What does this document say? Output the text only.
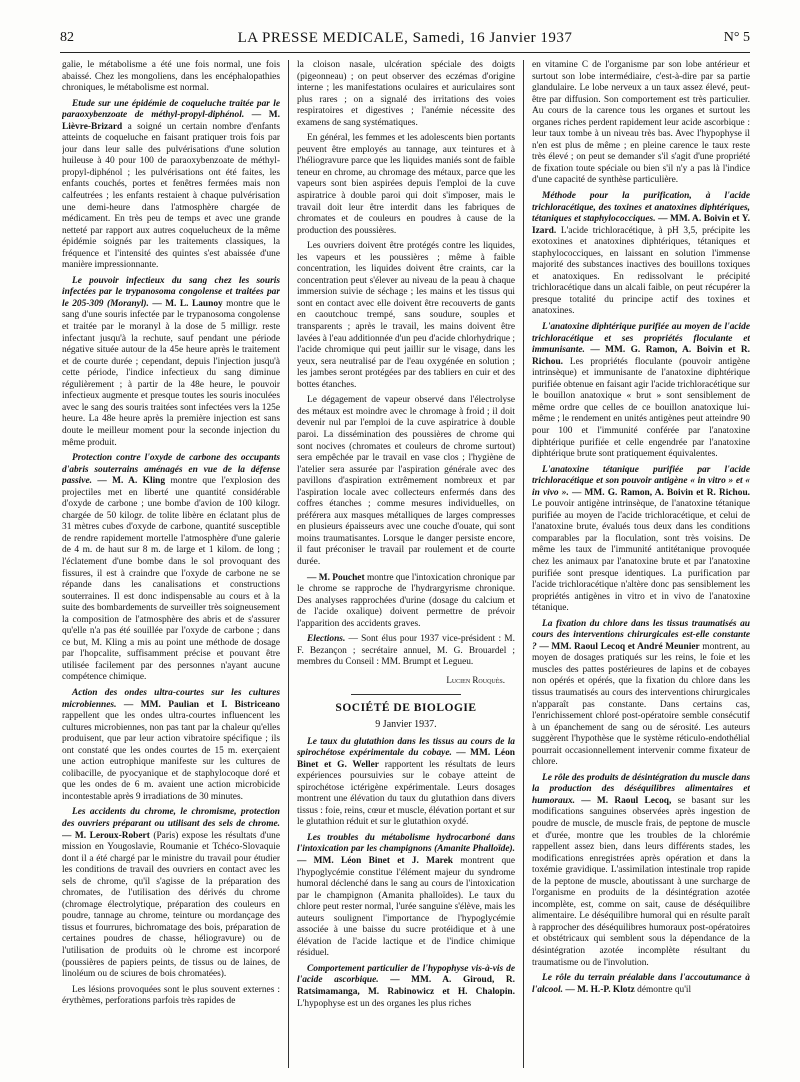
82	LA PRESSE MEDICALE, Samedi, 16 Janvier 1937	N° 5

galie, le métabolisme a été une fois normal, une fois abaissé. Chez les mongoliens, dans les encéphalopathies chroniques, le métabolisme est normal.

Etude sur une épidémie de coqueluche traitée par le paraoxybenzoate de méthyl-propyl-diphénol. — M. Lièvre-Brizard a soigné un certain nombre d'enfants atteints de coqueluche en faisant pratiquer trois fois par jour dans leur salle des pulvérisations d'une solution huileuse à 40 pour 100 de paraoxybenzoate de méthyl-propyl-diphénol ; les pulvérisations ont été faites, les enfants couchés, portes et fenêtres fermées mais non calfeutrées ; les enfants restaient à chaque pulvérisation une demi-heure dans l'atmosphère chargée de médicament. En très peu de temps et avec une grande netteté par rapport aux autres coquelucheux de la même épidémie soignés par les traitements classiques, la fréquence et l'intensité des quintes s'est abaissée d'une manière impressionnante.

Le pouvoir infectieux du sang chez les souris infectées par le trypanosoma congolense et traitées par le 205-309 (Moranyl). — M. L. Launoy montre que le sang d'une souris infectée par le trypanosoma congolense et traitée par le moranyl à la dose de 5 milligr. reste infectant jusqu'à la rechute, sauf pendant une période négative située autour de la 45e heure après le traitement et de courte durée ; cependant, depuis l'injection jusqu'à cette période, l'indice infectieux du sang diminue régulièrement ; à partir de la 48e heure, le pouvoir infectieux augmente et presque toutes les souris inoculées avec le sang des souris traitées sont infectées vers la 125e heure. La 48e heure après la première injection est sans doute le meilleur moment pour la seconde injection du même produit.

Protection contre l'oxyde de carbone des occupants d'abris souterrains aménagés en vue de la défense passive. — M. A. Kling montre que l'explosion des projectiles met en liberté une quantité considérable d'oxyde de carbone ; une bombe d'avion de 100 kilogr. chargée de 50 kilogr. de tolite libère en éclatant plus de 31 mètres cubes d'oxyde de carbone, quantité susceptible de rendre rapidement mortelle l'atmosphère d'une galerie de 4 m. de haut sur 8 m. de large et 1 kilom. de long ; l'éclatement d'une bombe dans le sol provoquant des fissures, il est à craindre que l'oxyde de carbone ne se répande dans les canalisations et constructions souterraines. Il est donc indispensable au cours et à la suite des bombardements de surveiller très soigneusement la composition de l'atmosphère des abris et de s'assurer qu'elle n'a pas été souillée par l'oxyde de carbone ; dans ce but, M. Kling a mis au point une méthode de dosage par l'hopcalite, suffisamment précise et pouvant être utilisée facilement par des personnes n'ayant aucune compétence chimique.

Action des ondes ultra-courtes sur les cultures microbiennes. — MM. Paulian et I. Bistriceano rappellent que les ondes ultra-courtes influencent les cultures microbiennes, non pas tant par la chaleur qu'elles produisent, que par leur action vibratoire spécifique ; ils ont constaté que les ondes courtes de 15 m. exerçaient une action eutrophique manifeste sur les cultures de colibacille, de pyocyanique et de staphylocoque doré et que les ondes de 6 m. avaient une action microbicide incontestable après 9 irradiations de 30 minutes.

Les accidents du chrome, le chromisme, protection des ouvriers préparant ou utilisant des sels de chrome. — M. Leroux-Robert (Paris) expose les résultats d'une mission en Yougoslavie, Roumanie et Tchéco-Slovaquie dont il a été chargé par le ministre du travail pour étudier les conditions de travail des ouvriers en contact avec les sels de chrome, qu'il s'agisse de la préparation des chromates, de l'utilisation des dérivés du chrome (chromage électrolytique, préparation des couleurs en poudre, tannage au chrome, teinture ou mordançage des tissus et fourrures, bichromatage des bois, préparation de certaines poudres de chasse, héliogravure) ou de l'utilisation de produits où le chrome est incorporé (poussières de papiers peints, de tissus ou de laines, de linoléum ou de sciures de bois chromatées).

Les lésions provoquées sont le plus souvent externes : érythèmes, perforations parfois très rapides de

la cloison nasale, ulcération spéciale des doigts (pigeonneau) ; on peut observer des eczémas d'origine interne ; les manifestations oculaires et auriculaires sont plus rares ; on a signalé des irritations des voies respiratoires et digestives ; l'anémie nécessite des examens de sang systématiques.

En général, les femmes et les adolescents bien portants peuvent être employés au tannage, aux teintures et à l'héliogravure parce que les liquides maniés sont de faible teneur en chrome, au chromage des métaux, parce que les vapeurs sont bien aspirées depuis l'emploi de la cuve aspiratrice à double paroi qui doit s'imposer, mais le travail doit leur être interdit dans les fabriques de chromates et de couleurs en poudres à cause de la production des poussières.

Les ouvriers doivent être protégés contre les liquides, les vapeurs et les poussières ; même à faible concentration, les liquides doivent être craints, car la concentration peut s'élever au niveau de la peau à chaque immersion suivie de séchage ; les mains et les tissus qui sont en contact avec elle doivent être recouverts de gants en caoutchouc trempé, sans soudure, souples et transparents ; après le travail, les mains doivent être lavées à l'eau additionnée d'un peu d'acide chlorhydrique ; l'acide chromique qui peut jaillir sur le visage, dans les yeux, sera neutralisé par de l'eau oxygénée en solution ; les jambes seront protégées par des tabliers en cuir et des bottes étanches.

Le dégagement de vapeur observé dans l'électrolyse des métaux est moindre avec le chromage à froid ; il doit devenir nul par l'emploi de la cuve aspiratrice à double paroi. La dissémination des poussières de chrome qui sont nocives (chromates et couleurs de chrome surtout) sera empêchée par le travail en vase clos ; l'hygiène de l'atelier sera assurée par l'aspiration générale avec des pavillons d'aspiration extrêmement nombreux et par l'aspiration locale avec collecteurs enfermés dans des coffres étanches ; comme mesures individuelles, on préférera aux masques métalliques de larges compresses en plusieurs épaisseurs avec une couche d'ouate, qui sont moins traumatisantes. Lorsque le danger persiste encore, il faut préconiser le travail par roulement et de courte durée.

— M. Pouchet montre que l'intoxication chronique par le chrome se rapproche de l'hydrargyrisme chronique. Des analyses rapprochées d'urine (dosage du calcium et de l'acide oxalique) doivent permettre de prévoir l'apparition des accidents graves.

Elections. — Sont élus pour 1937 vice-président : M. F. Bezançon ; secrétaire annuel, M. G. Brouardel ; membres du Conseil : MM. Brumpt et Legueu.

Lucien Rouquès.
SOCIÉTÉ DE BIOLOGIE
9 Janvier 1937.

Le taux du glutathion dans les tissus au cours de la spirochétose expérimentale du cobaye. — MM. Léon Binet et G. Weller rapportent les résultats de leurs expériences poursuivies sur le cobaye atteint de spirochétose ictérigène expérimentale. Leurs dosages montrent une élévation du taux du glutathion dans divers tissus : foie, reins, cœur et muscle, élévation portant et sur le glutathion réduit et sur le glutathion oxydé.

Les troubles du métabolisme hydrocarboné dans l'intoxication par les champignons (Amanite Phalloïde). — MM. Léon Binet et J. Marek montrent que l'hypoglycémie constitue l'élément majeur du syndrome humoral déclenché dans le sang au cours de l'intoxication par le champignon (Amanita phalloïdes). Le taux du chlore peut rester normal, l'urée sanguine s'élève, mais les auteurs soulignent l'importance de l'hypoglycémie associée à une baisse du sucre protéidique et à une élévation de l'acide lactique et de l'indice chimique résiduel.

Comportement particulier de l'hypophyse vis-à-vis de l'acide ascorbique. — MM. A. Giroud, R. Ratsimamanga, M. Rabinowicz et H. Chalopin. L'hypophyse est un des organes les plus riches

en vitamine C de l'organisme par son lobe antérieur et surtout son lobe intermédiaire, c'est-à-dire par sa partie glandulaire. Le lobe nerveux a un taux assez élevé, peut-être par diffusion. Son comportement est très particulier. Au cours de la carence tous les organes et surtout les organes riches perdent rapidement leur acide ascorbique : leur taux tombe à un niveau très bas. Avec l'hypophyse il n'en est plus de même ; en pleine carence le taux reste très élevé ; on peut se demander s'il s'agit d'une propriété de fixation toute spéciale ou bien s'il n'y a pas là l'indice d'une capacité de synthèse particulière.

Méthode pour la purification, à l'acide trichloracétique, des toxines et anatoxines diphtériques, tétaniques et staphylococciques. — MM. A. Boivin et Y. Izard. L'acide trichloracétique, à pH 3,5, précipite les exotoxines et anatoxines diphtériques, tétaniques et staphylococciques, en laissant en solution l'immense majorité des substances inactives des bouillons toxiques et anatoxiques. En redissolvant le précipité trichloracétique dans un alcali faible, on peut récupérer la presque totalité du principe actif des toxines et anatoxines.

L'anatoxine diphtérique purifiée au moyen de l'acide trichloracétique et ses propriétés floculante et immunisante. — MM. G. Ramon, A. Boivin et R. Richou. Les propriétés floculante (pouvoir antigène intrinsèque) et immunisante de l'anatoxine diphtérique purifiée obtenue en faisant agir l'acide trichloracétique sur le bouillon anatoxique « brut » sont sensiblement de même ordre que celles de ce bouillon anatoxique lui-même ; le rendement en unités antigènes peut atteindre 90 pour 100 et l'immunité conférée par l'anatoxine diphtérique purifiée et celle engendrée par l'anatoxine diphtérique brute sont pratiquement équivalentes.

L'anatoxine tétanique purifiée par l'acide trichloracétique et son pouvoir antigène « in vitro » et « in vivo ». — MM. G. Ramon, A. Boivin et R. Richou. Le pouvoir antigène intrinsèque, de l'anatoxine tétanique purifiée au moyen de l'acide trichloracétique, et celui de l'anatoxine brute, évalués tous deux dans les conditions comparables par la floculation, sont très voisins. De même les taux de l'immunité antitétanique provoquée chez les animaux par l'anatoxine brute et par l'anatoxine purifiée sont presque identiques. La purification par l'acide trichloracétique n'altère donc pas sensiblement les propriétés antigènes in vitro et in vivo de l'anatoxine tétanique.

La fixation du chlore dans les tissus traumatisés au cours des interventions chirurgicales est-elle constante ? — MM. Raoul Lecoq et André Meunier montrent, au moyen de dosages pratiqués sur les reins, le foie et les muscles des pattes postérieures de lapins et de cobayes non opérés et opérés, que la fixation du chlore dans les tissus traumatisés au cours des interventions chirurgicales n'apparaît pas constante. Dans certains cas, l'enrichissement chloré post-opératoire semble consécutif à un épanchement de sang ou de sérosité. Les auteurs suggèrent l'hypothèse que le système réticulo-endothélial pourrait occasionnellement intervenir comme fixateur de chlore.

Le rôle des produits de désintégration du muscle dans la production des déséquilibres alimentaires et humoraux. — M. Raoul Lecoq, se basant sur les modifications sanguines observées après ingestion de poudre de muscle, de muscle frais, de peptone de muscle et d'urée, montre que les troubles de la chlorémie rappellent assez bien, dans leurs différents stades, les modifications enregistrées après opération et dans la toxémie gravidique. L'assimilation intestinale trop rapide de la peptone de muscle, aboutissant à une surcharge de l'organisme en produits de la désintégration azotée incomplète, est, comme on sait, cause de déséquilibre alimentaire. Le déséquilibre humoral qui en résulte paraît à rapprocher des déséquilibres humoraux post-opératoires et obstétricaux qui semblent sous la dépendance de la désintégration azotée incomplète résultant du traumatisme ou de l'involution.

Le rôle du terrain préalable dans l'accoutumance à l'alcool. — M. H.-P. Klotz démontre qu'il
